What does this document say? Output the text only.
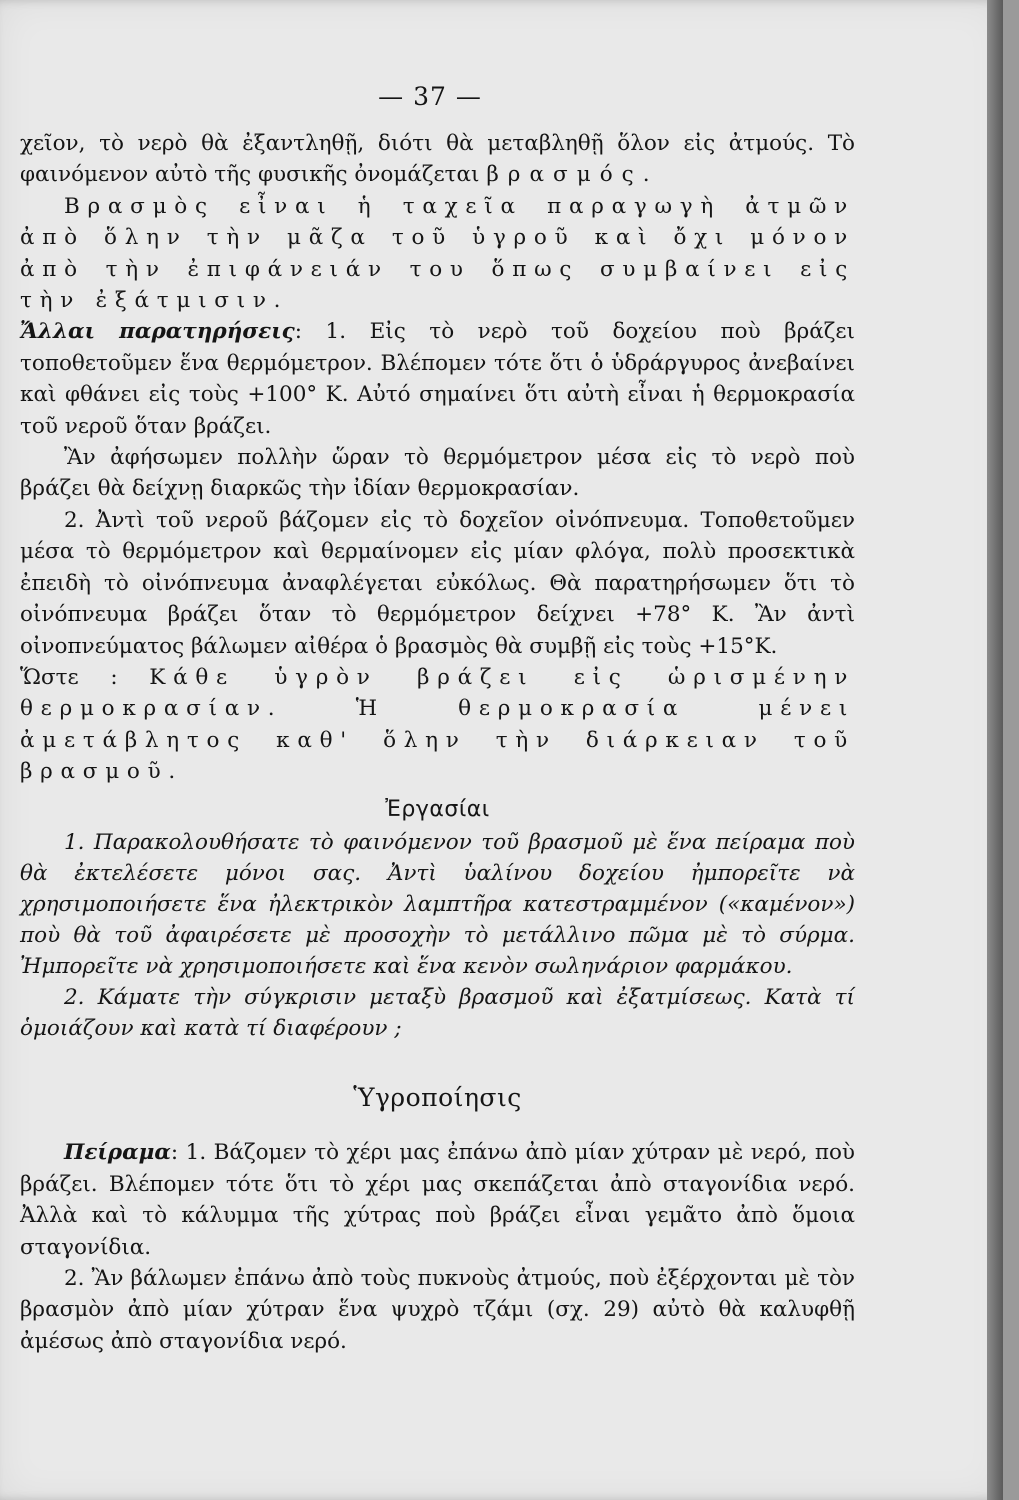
— 37 —

χεῖον, τὸ νερὸ θὰ ἐξαντληθῇ, διότι θὰ μεταβληθῇ ὅλον εἰς ἀτμούς. Τὸ φαινόμενον αὐτὸ τῆς φυσικῆς ὀνομάζεται βρασμός.

Βρασμὸς εἶναι ἡ ταχεῖα παραγωγὴ ἀτμῶν ἀπὸ ὅλην τὴν μᾶζα τοῦ ὑγροῦ καὶ ὄχι μόνον ἀπὸ τὴν ἐπιφάνειάν του ὅπως συμβαίνει εἰς τὴν ἐξάτμισιν.

Ἄλλαι παρατηρήσεις: 1. Εἰς τὸ νερὸ τοῦ δοχείου ποὺ βράζει τοποθετοῦμεν ἕνα θερμόμετρον. Βλέπομεν τότε ὅτι ὁ ὑδράργυρος ἀνεβαίνει καὶ φθάνει εἰς τοὺς +100° Κ. Αὐτό σημαίνει ὅτι αὐτὴ εἶναι ἡ θερμοκρασία τοῦ νεροῦ ὅταν βράζει.

Ἂν ἀφήσωμεν πολλὴν ὥραν τὸ θερμόμετρον μέσα εἰς τὸ νερὸ ποὺ βράζει θὰ δείχνῃ διαρκῶς τὴν ἰδίαν θερμοκρασίαν.

2. Ἀντὶ τοῦ νεροῦ βάζομεν εἰς τὸ δοχεῖον οἰνόπνευμα. Τοποθετοῦμεν μέσα τὸ θερμόμετρον καὶ θερμαίνομεν εἰς μίαν φλόγα, πολὺ προσεκτικὰ ἐπειδὴ τὸ οἰνόπνευμα ἀναφλέγεται εὐκόλως. Θὰ παρατηρήσωμεν ὅτι τὸ οἰνόπνευμα βράζει ὅταν τὸ θερμόμετρον δείχνει +78° Κ. Ἂν ἀντὶ οἰνοπνεύματος βάλωμεν αἰθέρα ὁ βρασμὸς θὰ συμβῇ εἰς τοὺς +15°Κ.

Ὥστε : Κάθε ὑγρὸν βράζει εἰς ὡρισμένην θερμοκρασίαν. Ἡ θερμοκρασία μένει ἀμετάβλητος καθ' ὅλην τὴν διάρκειαν τοῦ βρασμοῦ.

Ἐργασίαι

1. Παρακολουθήσατε τὸ φαινόμενον τοῦ βρασμοῦ μὲ ἕνα πείραμα ποὺ θὰ ἐκτελέσετε μόνοι σας. Ἀντὶ ὑαλίνου δοχείου ἠμπορεῖτε νὰ χρησιμοποιήσετε ἕνα ἠλεκτρικὸν λαμπτῆρα κατεστραμμένον («καμένον») ποὺ θὰ τοῦ ἀφαιρέσετε μὲ προσοχὴν τὸ μετάλλινο πῶμα μὲ τὸ σύρμα. Ἠμπορεῖτε νὰ χρησιμοποιήσετε καὶ ἕνα κενὸν σωληνάριον φαρμάκου.

2. Κάματε τὴν σύγκρισιν μεταξὺ βρασμοῦ καὶ ἐξατμίσεως. Κατὰ τί ὁμοιάζουν καὶ κατὰ τί διαφέρουν ;

Ὑγροποίησις

Πείραμα: 1. Βάζομεν τὸ χέρι μας ἐπάνω ἀπὸ μίαν χύτραν μὲ νερό, ποὺ βράζει. Βλέπομεν τότε ὅτι τὸ χέρι μας σκεπάζεται ἀπὸ σταγονίδια νερό. Ἀλλὰ καὶ τὸ κάλυμμα τῆς χύτρας ποὺ βράζει εἶναι γεμᾶτο ἀπὸ ὅμοια σταγονίδια.

2. Ἂν βάλωμεν ἐπάνω ἀπὸ τοὺς πυκνοὺς ἀτμούς, ποὺ ἐξέρχονται μὲ τὸν βρασμὸν ἀπὸ μίαν χύτραν ἕνα ψυχρὸ τζάμι (σχ. 29) αὐτὸ θὰ καλυφθῇ ἀμέσως ἀπὸ σταγονίδια νερό.
